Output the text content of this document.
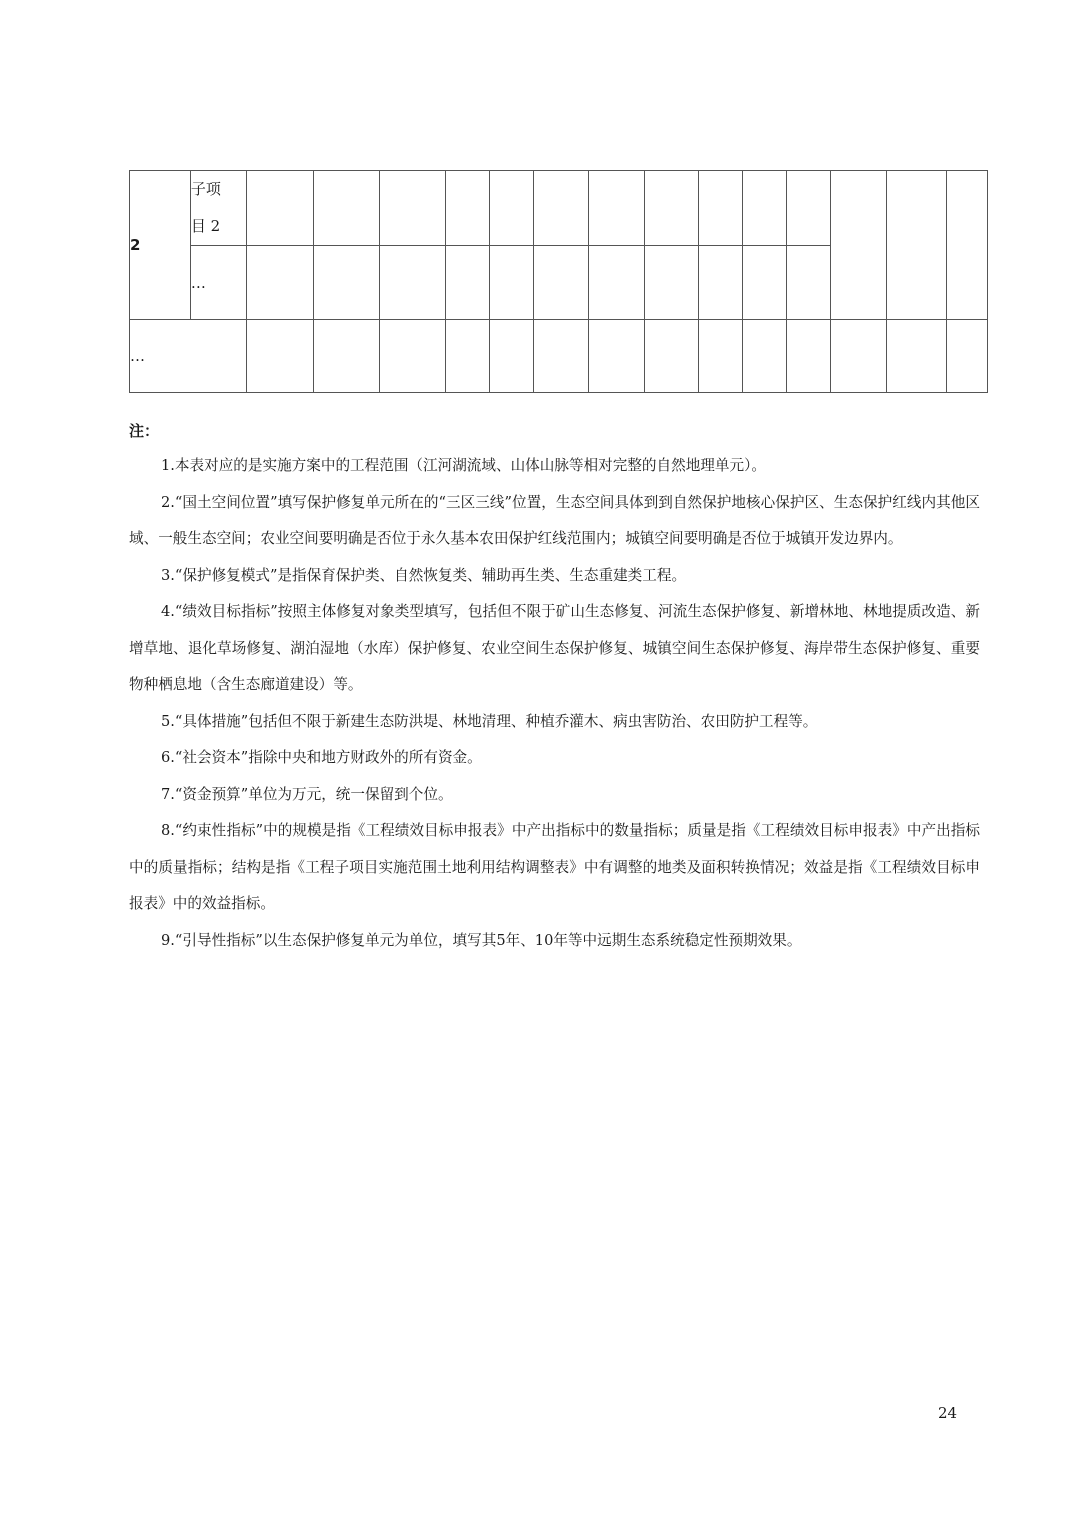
2	子项
目 2														

	…														
…															
注：

1.本表对应的是实施方案中的工程范围（江河湖流域、山体山脉等相对完整的自然地理单元）。

2.“国土空间位置”填写保护修复单元所在的“三区三线”位置，生态空间具体到到自然保护地核心保护区、生态保护红线内其他区域、一般生态空间；农业空间要明确是否位于永久基本农田保护红线范围内；城镇空间要明确是否位于城镇开发边界内。

3.“保护修复模式”是指保育保护类、自然恢复类、辅助再生类、生态重建类工程。

4.“绩效目标指标”按照主体修复对象类型填写，包括但不限于矿山生态修复、河流生态保护修复、新增林地、林地提质改造、新增草地、退化草场修复、湖泊湿地（水库）保护修复、农业空间生态保护修复、城镇空间生态保护修复、海岸带生态保护修复、重要物种栖息地（含生态廊道建设）等。

5.“具体措施”包括但不限于新建生态防洪堤、林地清理、种植乔灌木、病虫害防治、农田防护工程等。

6.“社会资本”指除中央和地方财政外的所有资金。

7.“资金预算”单位为万元，统一保留到个位。

8.“约束性指标”中的规模是指《工程绩效目标申报表》中产出指标中的数量指标；质量是指《工程绩效目标申报表》中产出指标中的质量指标；结构是指《工程子项目实施范围土地利用结构调整表》中有调整的地类及面积转换情况；效益是指《工程绩效目标申报表》中的效益指标。

9.“引导性指标”以生态保护修复单元为单位，填写其5年、10年等中远期生态系统稳定性预期效果。

24
